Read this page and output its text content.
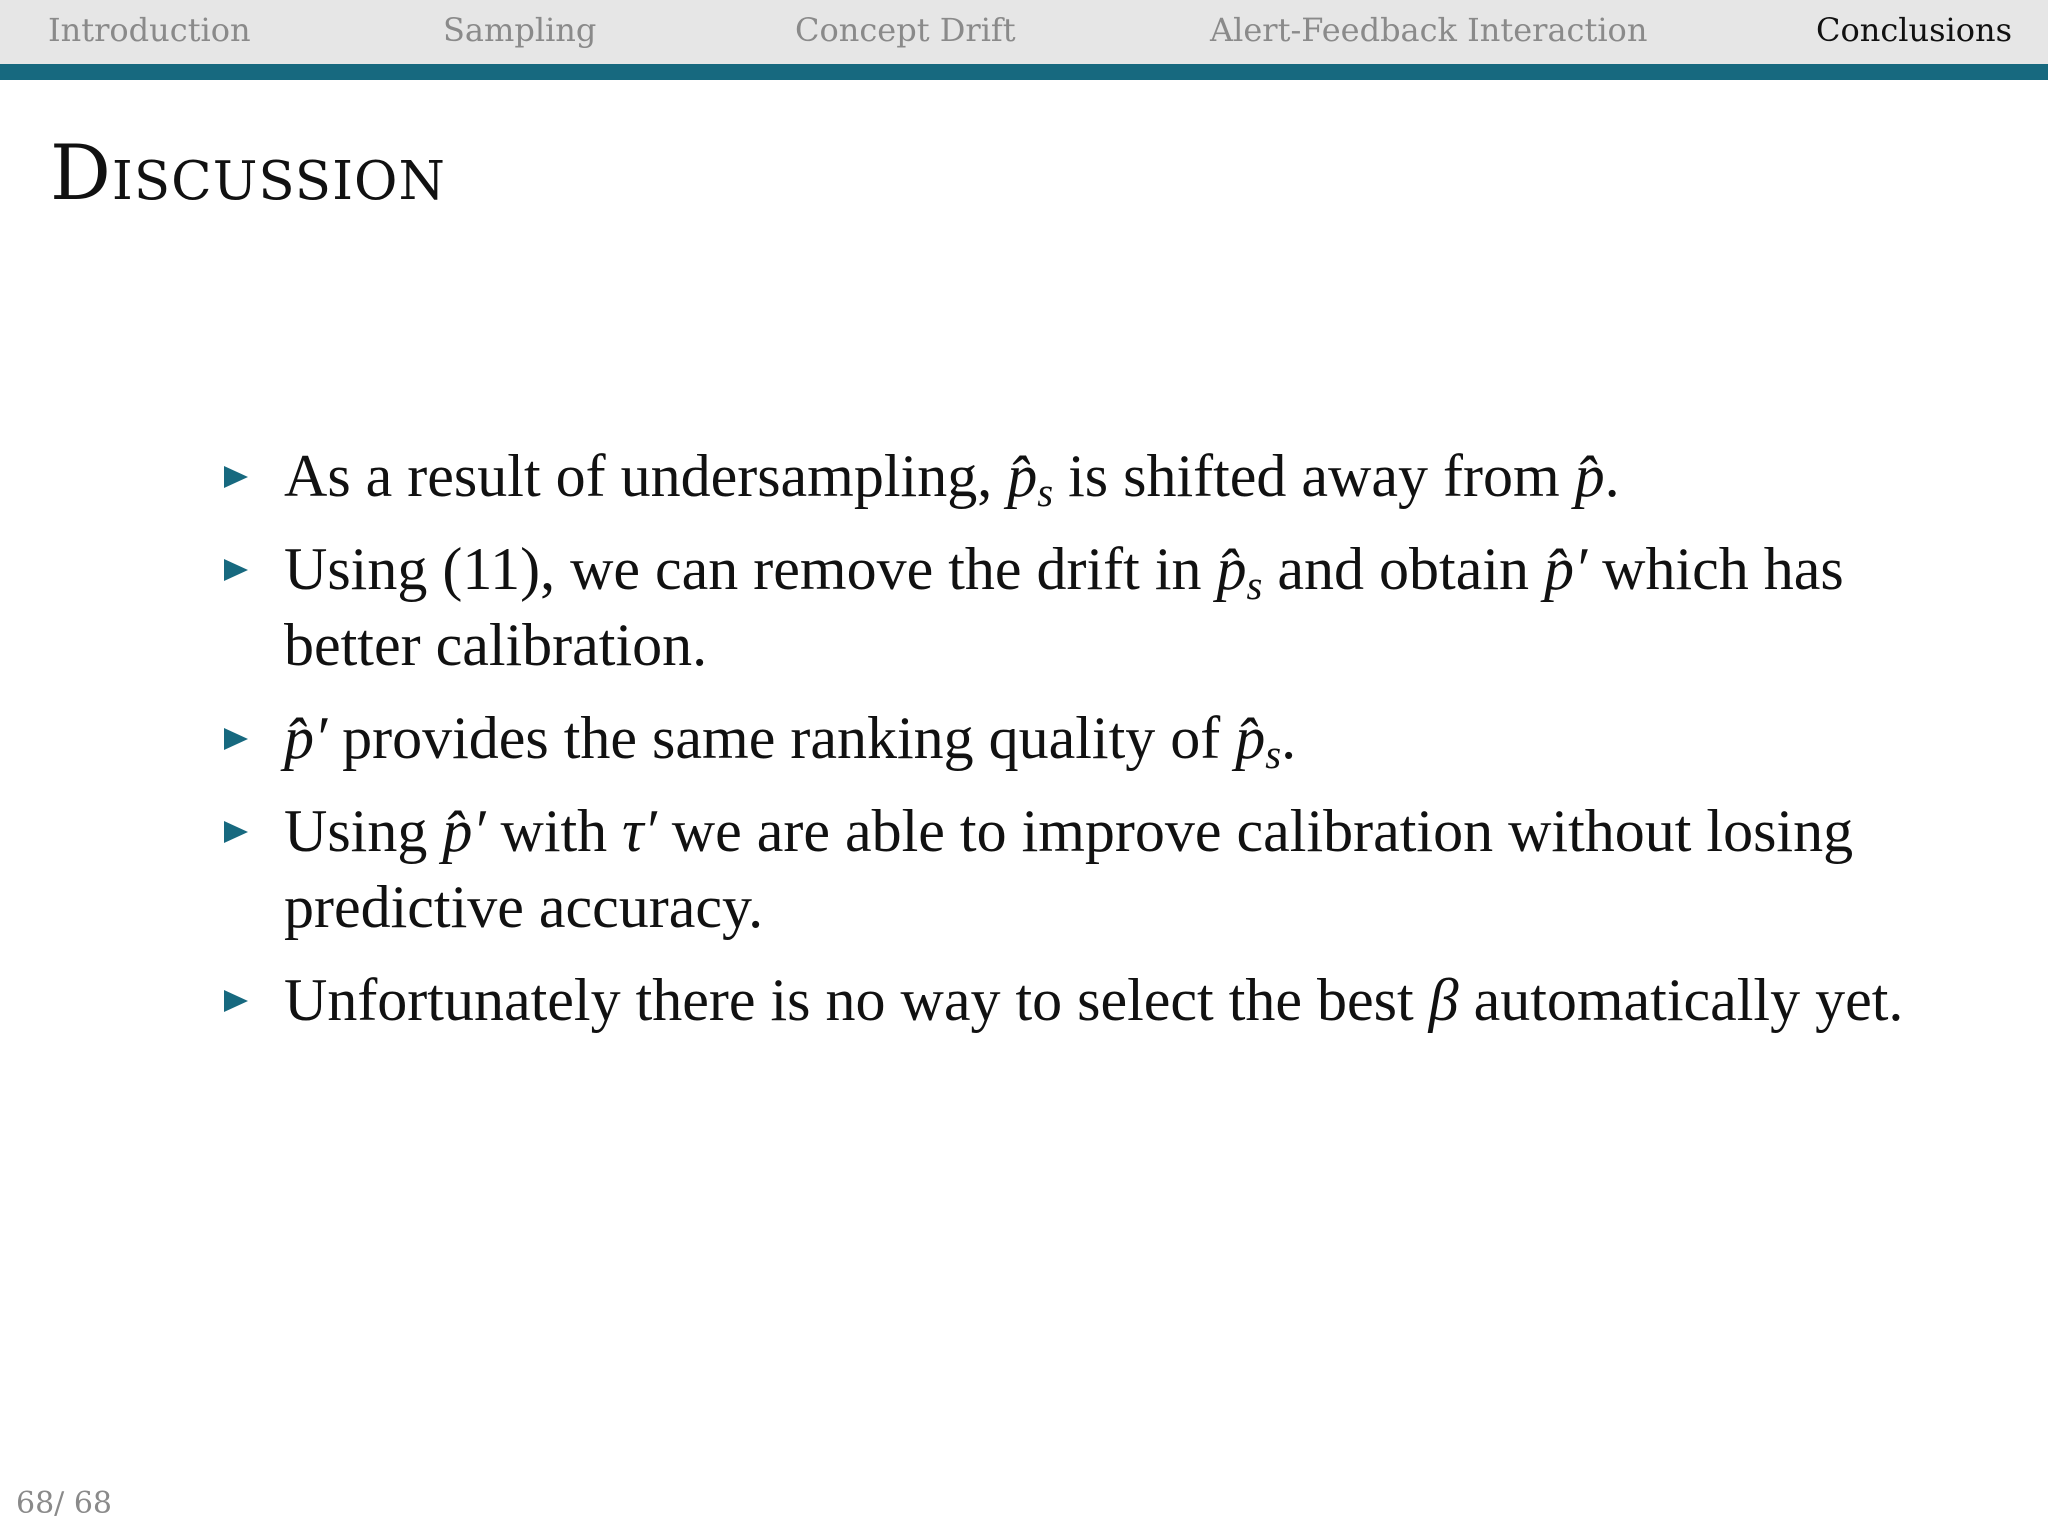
Introduction	Sampling	Concept Drift	Alert-Feedback Interaction	Conclusions
Discussion
As a result of undersampling, $p̂_s$ is shifted away from p̂.
Using (11), we can remove the drift in $p̂_s$ and obtain p̂′ which has better calibration.
p̂′ provides the same ranking quality of $p̂_s$.
Using p̂′ with τ′ we are able to improve calibration without losing predictive accuracy.
Unfortunately there is no way to select the best β automatically yet.
68/ 68
